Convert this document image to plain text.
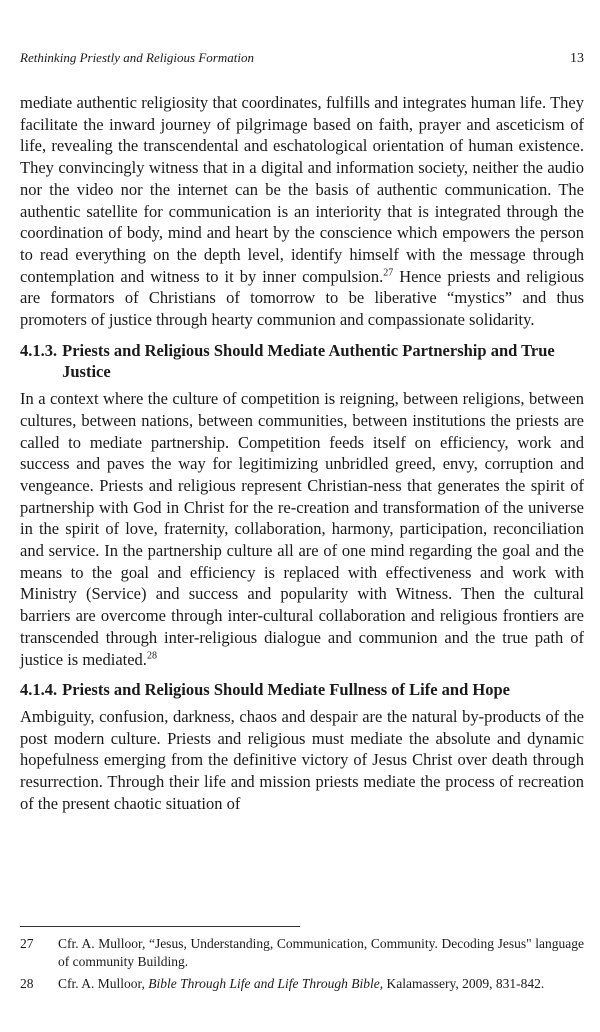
Rethinking Priestly and Religious Formation	13

mediate authentic religiosity that coordinates, fulfills and integrates human life. They facilitate the inward journey of pilgrimage based on faith, prayer and asceticism of life, revealing the transcendental and eschatological orientation of human existence. They convincingly witness that in a digital and information society, neither the audio nor the video nor the internet can be the basis of authentic communication. The authentic satellite for communication is an interiority that is integrated through the coordination of body, mind and heart by the conscience which empowers the person to read everything on the depth level, identify himself with the message through contemplation and witness to it by inner compulsion.$^{27}$ Hence priests and religious are formators of Christians of tomorrow to be liberative “mystics” and thus promoters of justice through hearty communion and compassionate solidarity.

4.1.3. Priests and Religious Should Mediate Authentic Partnership and True Justice

In a context where the culture of competition is reigning, between religions, between cultures, between nations, between communities, between institutions the priests are called to mediate partnership. Competition feeds itself on efficiency, work and success and paves the way for legitimizing unbridled greed, envy, corruption and vengeance. Priests and religious represent Christian-ness that generates the spirit of partnership with God in Christ for the re-creation and transformation of the universe in the spirit of love, fraternity, collaboration, harmony, participation, reconciliation and service. In the partnership culture all are of one mind regarding the goal and the means to the goal and efficiency is replaced with effectiveness and work with Ministry (Service) and success and popularity with Witness. Then the cultural barriers are overcome through inter-cultural collaboration and religious frontiers are transcended through inter-religious dialogue and communion and the true path of justice is mediated.$^{28}$

4.1.4. Priests and Religious Should Mediate Fullness of Life and Hope

Ambiguity, confusion, darkness, chaos and despair are the natural by-products of the post modern culture. Priests and religious must mediate the absolute and dynamic hopefulness emerging from the definitive victory of Jesus Christ over death through resurrection. Through their life and mission priests mediate the process of recreation of the present chaotic situation of

27	Cfr. A. Mulloor, “Jesus, Understanding, Communication, Community. Decoding Jesus" language of community Building.
28	Cfr. A. Mulloor, Bible Through Life and Life Through Bible, Kalamassery, 2009, 831-842.
